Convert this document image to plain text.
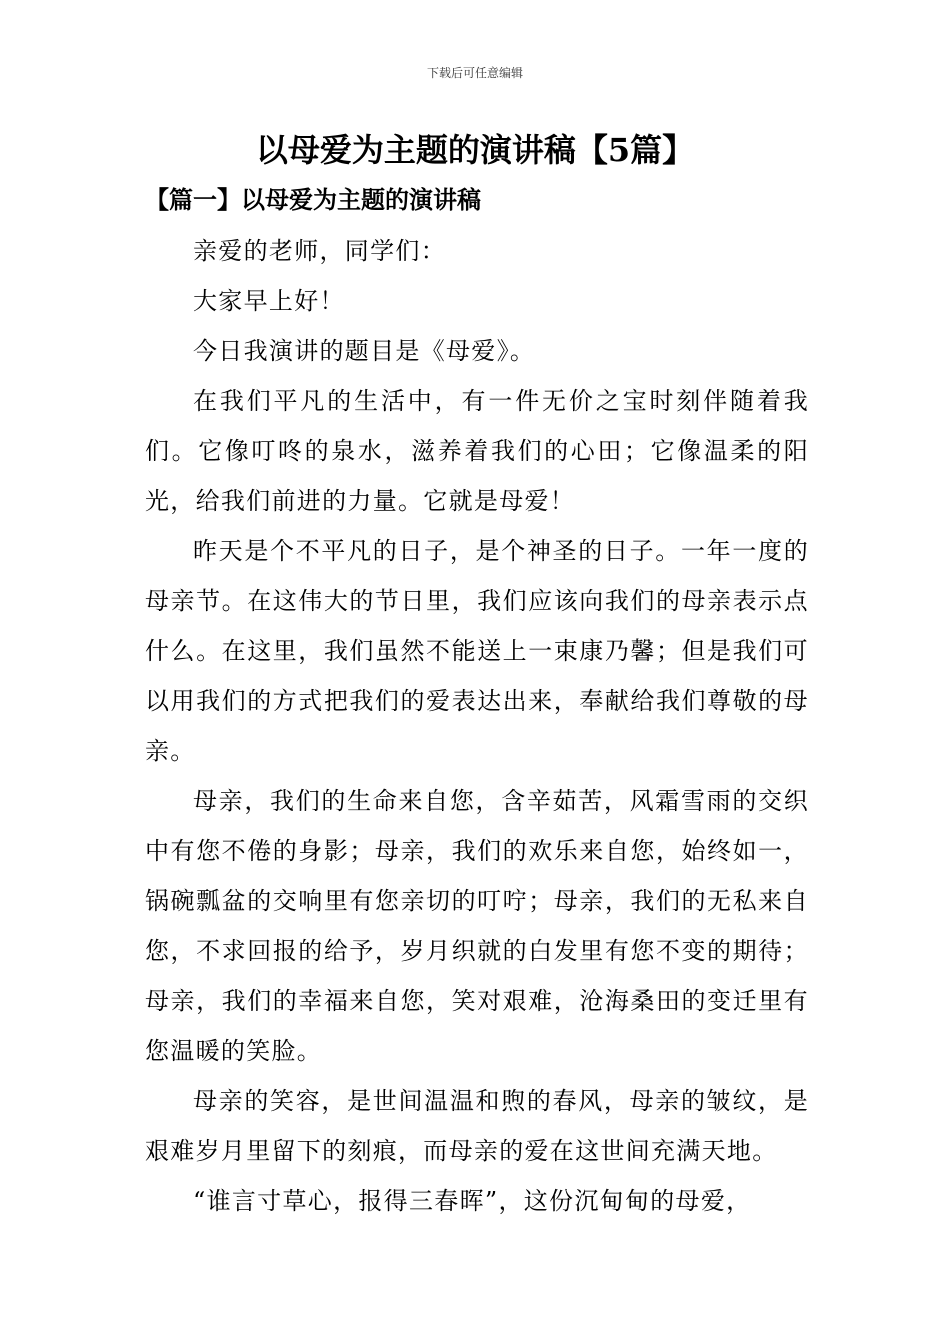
下载后可任意编辑
以母爱为主题的演讲稿【5篇】
【篇一】以母爱为主题的演讲稿

亲爱的老师，同学们：

大家早上好！

今日我演讲的题目是《母爱》。

在我们平凡的生活中，有一件无价之宝时刻伴随着我们。它像叮咚的泉水，滋养着我们的心田；它像温柔的阳光，给我们前进的力量。它就是母爱！

昨天是个不平凡的日子，是个神圣的日子。一年一度的母亲节。在这伟大的节日里，我们应该向我们的母亲表示点什么。在这里，我们虽然不能送上一束康乃馨；但是我们可以用我们的方式把我们的爱表达出来，奉献给我们尊敬的母亲。

母亲，我们的生命来自您，含辛茹苦，风霜雪雨的交织中有您不倦的身影；母亲，我们的欢乐来自您，始终如一，锅碗瓢盆的交响里有您亲切的叮咛；母亲，我们的无私来自您，不求回报的给予，岁月织就的白发里有您不变的期待；母亲，我们的幸福来自您，笑对艰难，沧海桑田的变迁里有您温暖的笑脸。

母亲的笑容，是世间温温和煦的春风，母亲的皱纹，是艰难岁月里留下的刻痕，而母亲的爱在这世间充满天地。

“谁言寸草心，报得三春晖”，这份沉甸甸的母爱，
